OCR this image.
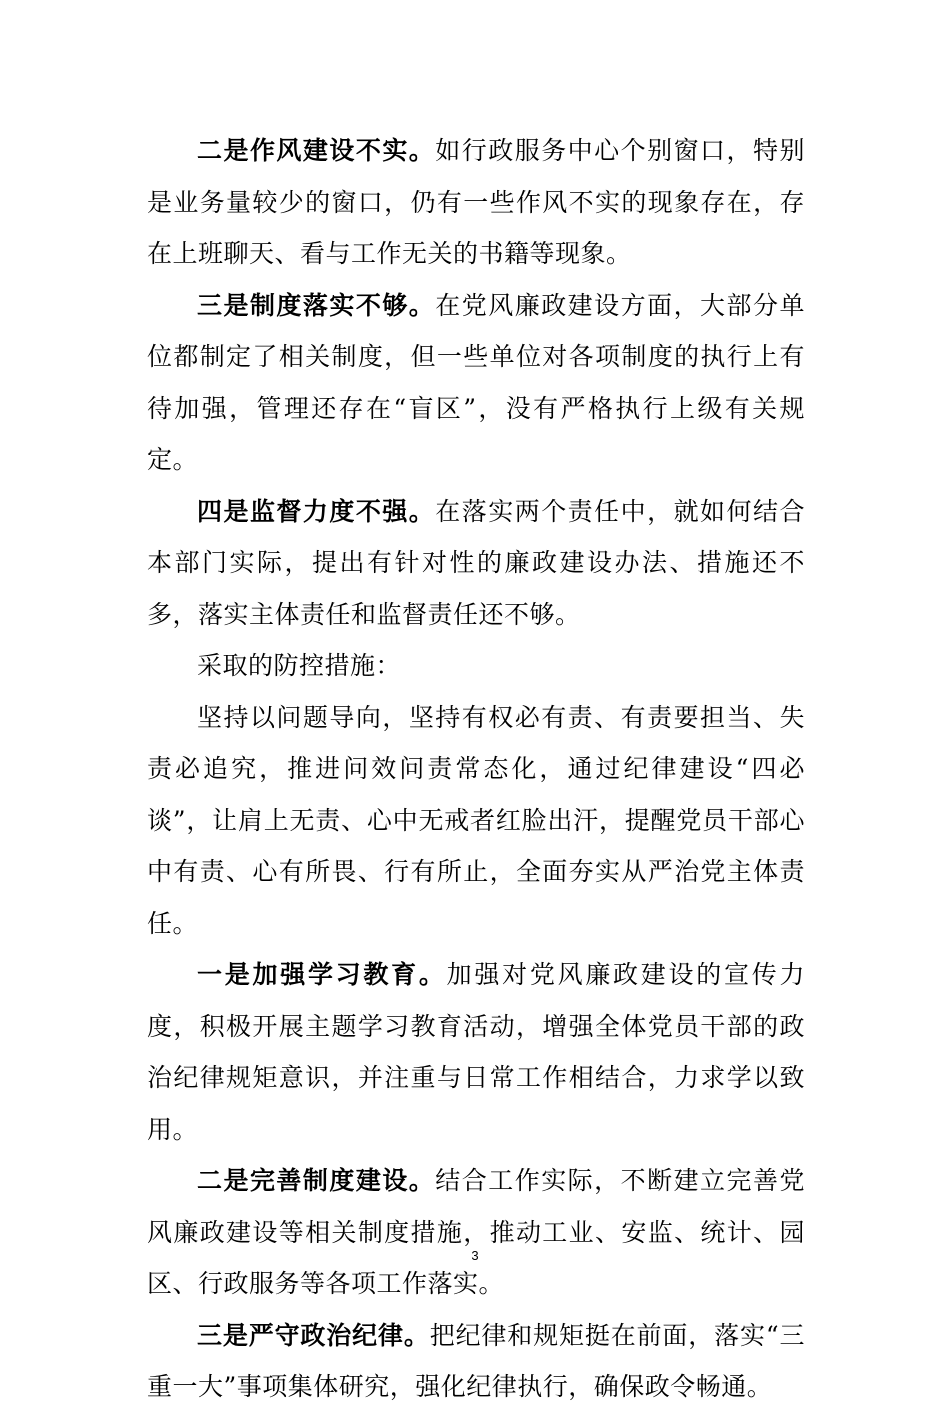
二是作风建设不实。如行政服务中心个别窗口，特别是业务量较少的窗口，仍有一些作风不实的现象存在，存在上班聊天、看与工作无关的书籍等现象。

三是制度落实不够。在党风廉政建设方面，大部分单位都制定了相关制度，但一些单位对各项制度的执行上有待加强，管理还存在“盲区”，没有严格执行上级有关规定。

四是监督力度不强。在落实两个责任中，就如何结合本部门实际，提出有针对性的廉政建设办法、措施还不多，落实主体责任和监督责任还不够。

采取的防控措施：

坚持以问题导向，坚持有权必有责、有责要担当、失责必追究，推进问效问责常态化，通过纪律建设“四必谈”，让肩上无责、心中无戒者红脸出汗，提醒党员干部心中有责、心有所畏、行有所止，全面夯实从严治党主体责任。

一是加强学习教育。加强对党风廉政建设的宣传力度，积极开展主题学习教育活动，增强全体党员干部的政治纪律规矩意识，并注重与日常工作相结合，力求学以致用。

二是完善制度建设。结合工作实际，不断建立完善党风廉政建设等相关制度措施，推动工业、安监、统计、园区、行政服务等各项工作落实。

三是严守政治纪律。把纪律和规矩挺在前面，落实“三重一大”事项集体研究，强化纪律执行，确保政令畅通。

3
